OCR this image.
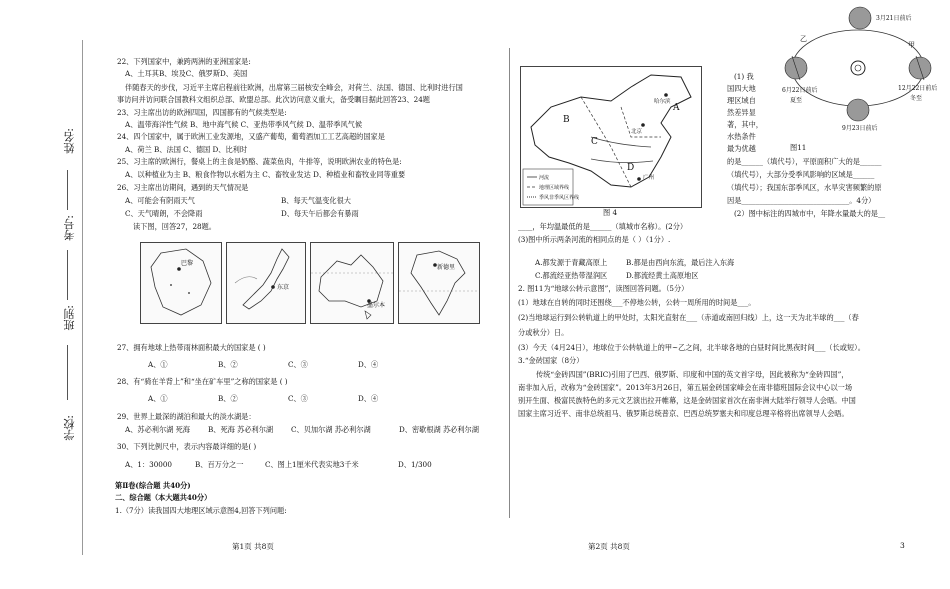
姓名:
考号:
班别:
学校:
22、下列国家中，兼跨两洲的亚洲国家是:
A、土耳其B、埃及C、俄罗斯D、美国
伴随春天的步伐，习近平主席启程前往欧洲，出席第三届核安全峰会，对荷兰、法国、德国、比利时进行国
事访问并访问联合国教科文组织总部、欧盟总部。此次访问意义重大，备受瞩目据此回答23、24题
23、习主席出访的欧洲四国，四国都有的气候类型是:
A、温带海洋性气候 B、地中海气候 C、亚热带季风气候 D、温带季风气候
24、四个国家中，属于欧洲工业发源地，又盛产葡萄，葡萄酒加工工艺高超的国家是
A、荷兰 B、法国 C、德国 D、比利时
25、习主席的欧洲行，餐桌上的主食是奶酪、蔬菜鱼肉，牛排等，说明欧洲农业的特色是:
A、以种植业为主 B、粮食作物以水稻为主 C、畜牧业发达 D、种植业和畜牧业同等重要
26、习主席出访期间，遇到的天气情况是
A、可能会有阴雨天气	B、每天气温变化很大
C、天气晴朗，不会降雨	D、每天午后都会有暴雨
读下图，回答27，28题。
巴黎
东京
墨尔本
新德里
27、拥有地球上热带雨林面积最大的国家是 ( )
A、①	B、②	C、③	D、④
28、有“骑在羊背上”和“坐在矿车里”之称的国家是 ( )
A、①	B、②	C、③	D、④
29、世界上最深的湖泊和最大的淡水湖是：
A、苏必利尔湖 死海	B、死海 苏必利尔湖 C、贝加尔湖 苏必利尔湖	D、密歇根湖 苏必利尔湖
30、下列比例尺中，表示内容最详细的是( )
A、1：30000	B、百万分之一	C、图上1厘米代表实地3千米	D、1/300
第Ⅱ卷(综合题 共40分)
二、综合题（本大题共40分）
1.（7分）读我国四大地理区域示意图4,回答下列问题:
A
B
C
D
哈尔滨
北京
广州
河流
地理区域界线
季风非季风区界线
图 4
3月21日前后
乙
甲
6月22日前后
夏至
12月22日前后
冬至
9月23日前后
图11
(1) 我
国四大地
理区域自
然差异显
著，其中，
水热条件
最为优越
的是______（填代号），平原面积广大的是______
（填代号），大部分受季风影响的区域是______
（填代号）；我国东部季风区，水旱灾害频繁的原
因是______________________________。4分）
(2）图中标注的四城市中，年降水量最大的是__
____，年均温最低的是______（填城市名称）。(2分）
(3)图中所示两条河流的相同点的是（ ）（1分）.
A.都发源于青藏高原上	B.都是由西向东流，最后注入东海
C.都流经亚热带湿润区	D.都流经黄土高原地区
2. 图11为“地球公转示意图”，读图回答问题。（5分）
(1）地球在自转的同时还围绕___不停地公转，公转一周所用的时间是___。
(2)当地球运行到公转轨道上的甲处时，太阳光直射在___（赤道或南回归线）上，这一天为北半球的___（春
分或秋分）日。
(3）今天（4月24日），地球位于公转轨道上的甲~乙之间，北半球各地的白昼时间比黑夜时间___（长或短）。
3.“金砖国家（8分）
传统“金砖四国”(BRIC)引用了巴西、俄罗斯、印度和中国的英文首字母，因此被称为“金砖四国”，
南非加入后，改称为“金砖国家”。2013年3月26日，第五届金砖国家峰会在南非德班国际会议中心以一场
别开生面、极富民族特色的多元文艺演出拉开帷幕，这是金砖国家首次在南非洲大陆举行领导人会晤。中国
国家主席习近平、南非总统祖马、俄罗斯总统普京、巴西总统罗塞夫和印度总理辛格将出席领导人会晤。
第1页 共8页	第2页 共8页	3
